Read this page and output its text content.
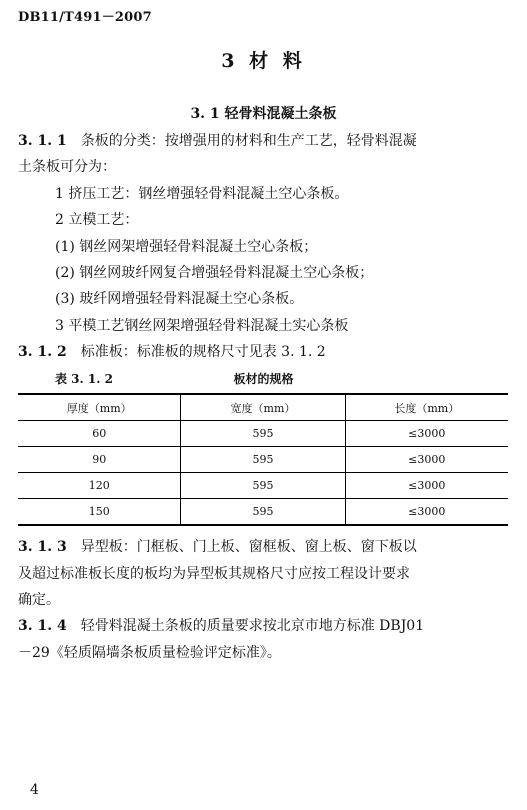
DB11/T491－2007
3 材 料
3. 1 轻骨料混凝土条板
3. 1. 1 条板的分类：按增强用的材料和生产工艺，轻骨料混凝
土条板可分为：
1 挤压工艺：钢丝增强轻骨料混凝土空心条板。
2 立模工艺：
(1) 钢丝网架增强轻骨料混凝土空心条板；
(2) 钢丝网玻纤网复合增强轻骨料混凝土空心条板；
(3) 玻纤网增强轻骨料混凝土空心条板。
3 平模工艺钢丝网架增强轻骨料混凝土实心条板
3. 1. 2 标准板：标准板的规格尺寸见表 3. 1. 2
表 3. 1. 2	板材的规格
厚度（mm）	宽度（mm）	长度（mm）
60	595	≤3000
90	595	≤3000
120	595	≤3000
150	595	≤3000
3. 1. 3 异型板：门框板、门上板、窗框板、窗上板、窗下板以
及超过标准板长度的板均为异型板其规格尺寸应按工程设计要求
确定。
3. 1. 4 轻骨料混凝土条板的质量要求按北京市地方标准 DBJ01
－29《轻质隔墙条板质量检验评定标准》。
4
